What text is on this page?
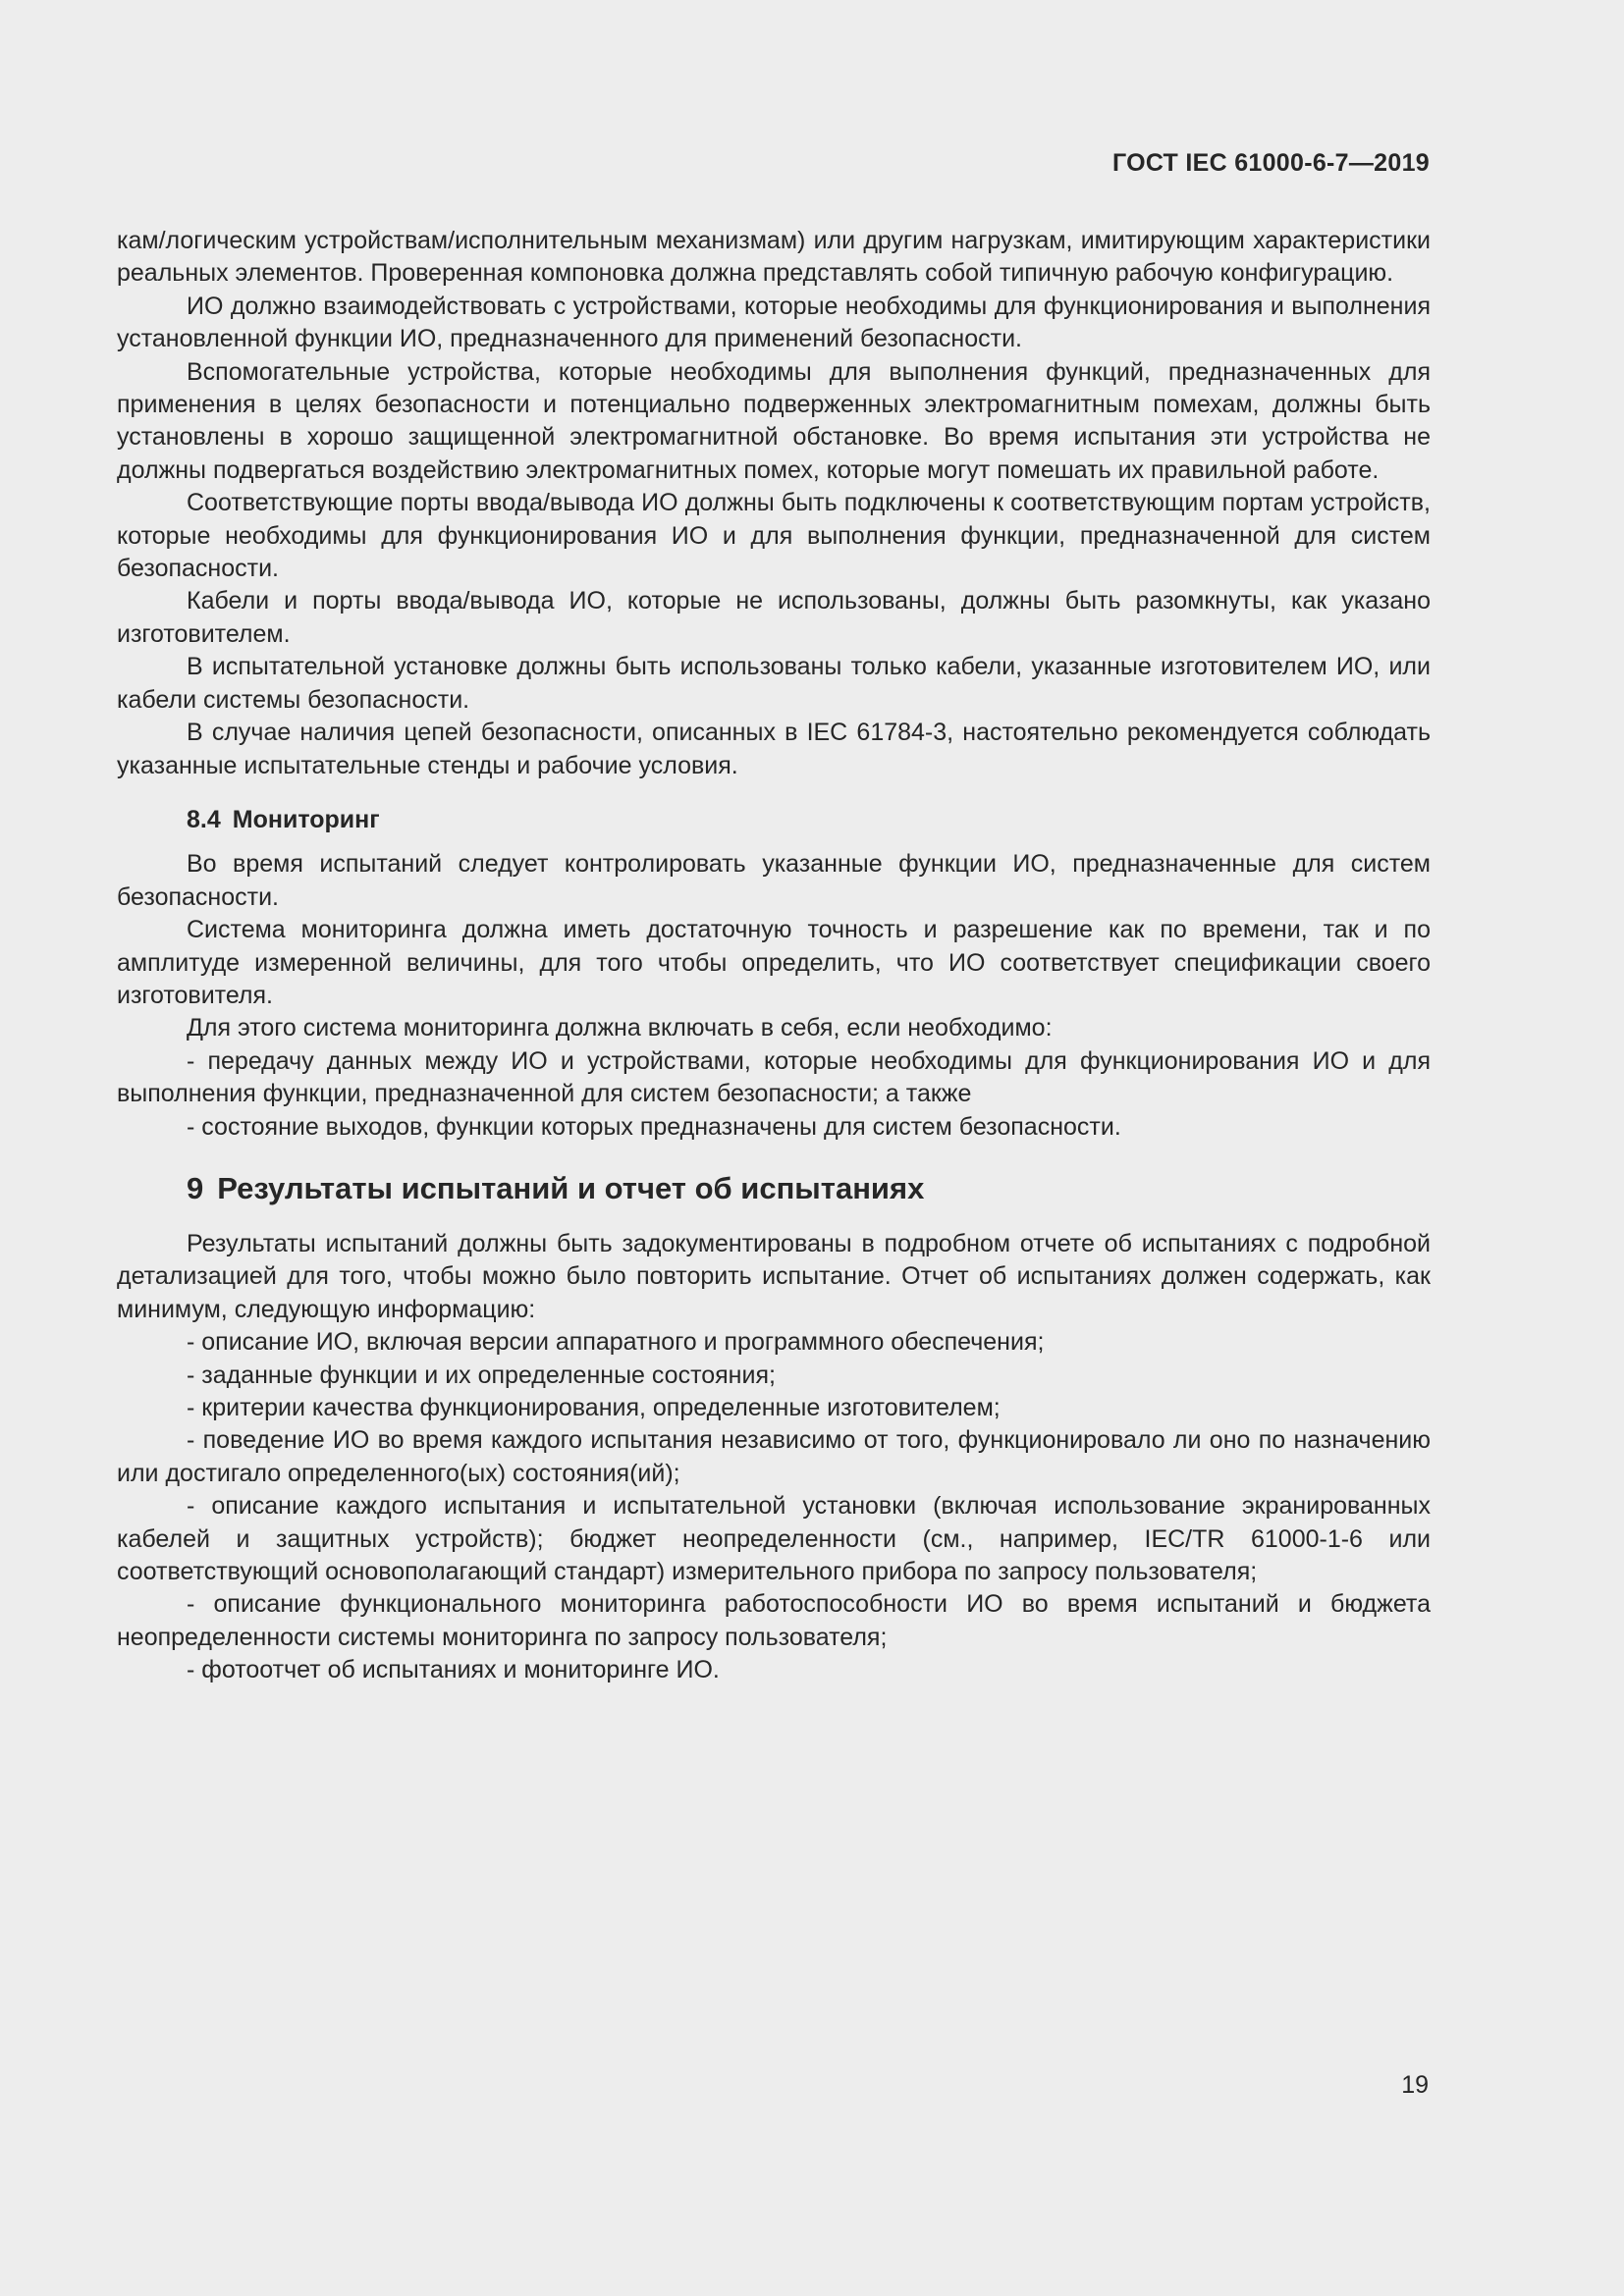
ГОСТ IEC 61000-6-7—2019

кам/логическим устройствам/исполнительным механизмам) или другим нагрузкам, имитирующим характеристики реальных элементов. Проверенная компоновка должна представлять собой типичную рабочую конфигурацию.

ИО должно взаимодействовать с устройствами, которые необходимы для функционирования и выполнения установленной функции ИО, предназначенного для применений безопасности.

Вспомогательные устройства, которые необходимы для выполнения функций, предназначенных для применения в целях безопасности и потенциально подверженных электромагнитным помехам, должны быть установлены в хорошо защищенной электромагнитной обстановке. Во время испытания эти устройства не должны подвергаться воздействию электромагнитных помех, которые могут помешать их правильной работе.

Соответствующие порты ввода/вывода ИО должны быть подключены к соответствующим портам устройств, которые необходимы для функционирования ИО и для выполнения функции, предназначенной для систем безопасности.

Кабели и порты ввода/вывода ИО, которые не использованы, должны быть разомкнуты, как указано изготовителем.

В испытательной установке должны быть использованы только кабели, указанные изготовителем ИО, или кабели системы безопасности.

В случае наличия цепей безопасности, описанных в IEC 61784-3, настоятельно рекомендуется соблюдать указанные испытательные стенды и рабочие условия.

8.4 Мониторинг

Во время испытаний следует контролировать указанные функции ИО, предназначенные для систем безопасности.

Система мониторинга должна иметь достаточную точность и разрешение как по времени, так и по амплитуде измеренной величины, для того чтобы определить, что ИО соответствует спецификации своего изготовителя.

Для этого система мониторинга должна включать в себя, если необходимо:

- передачу данных между ИО и устройствами, которые необходимы для функционирования ИО и для выполнения функции, предназначенной для систем безопасности; а также

- состояние выходов, функции которых предназначены для систем безопасности.

9 Результаты испытаний и отчет об испытаниях

Результаты испытаний должны быть задокументированы в подробном отчете об испытаниях с подробной детализацией для того, чтобы можно было повторить испытание. Отчет об испытаниях должен содержать, как минимум, следующую информацию:

- описание ИО, включая версии аппаратного и программного обеспечения;

- заданные функции и их определенные состояния;

- критерии качества функционирования, определенные изготовителем;

- поведение ИО во время каждого испытания независимо от того, функционировало ли оно по назначению или достигало определенного(ых) состояния(ий);

- описание каждого испытания и испытательной установки (включая использование экранированных кабелей и защитных устройств); бюджет неопределенности (см., например, IEC/TR 61000-1-6 или соответствующий основополагающий стандарт) измерительного прибора по запросу пользователя;

- описание функционального мониторинга работоспособности ИО во время испытаний и бюджета неопределенности системы мониторинга по запросу пользователя;

- фотоотчет об испытаниях и мониторинге ИО.

19
